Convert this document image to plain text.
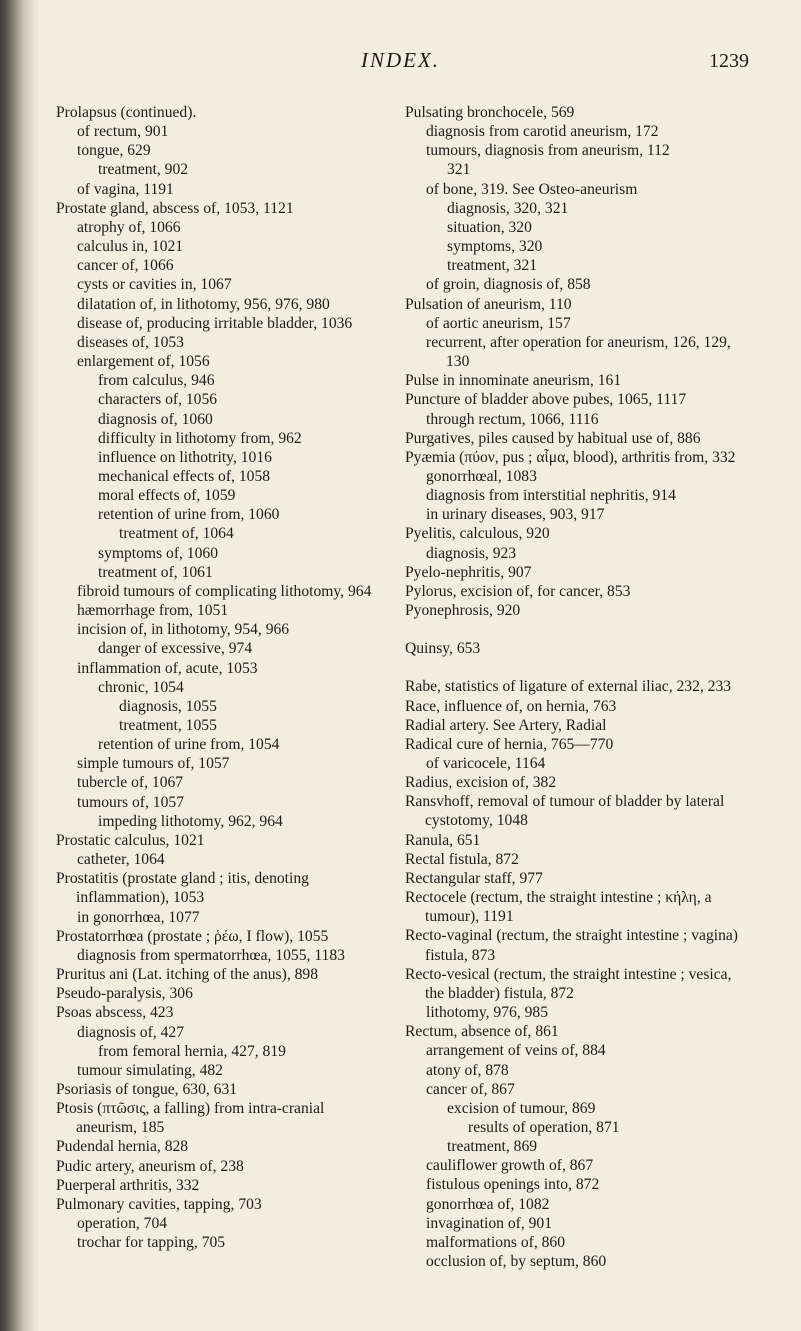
INDEX.	1239
Prolapsus (continued).
of rectum, 901
tongue, 629
treatment, 902
of vagina, 1191
Prostate gland, abscess of, 1053, 1121
atrophy of, 1066
calculus in, 1021
cancer of, 1066
cysts or cavities in, 1067
dilatation of, in lithotomy, 956, 976, 980
disease of, producing irritable bladder, 1036
diseases of, 1053
enlargement of, 1056
from calculus, 946
characters of, 1056
diagnosis of, 1060
difficulty in lithotomy from, 962
influence on lithotrity, 1016
mechanical effects of, 1058
moral effects of, 1059
retention of urine from, 1060
treatment of, 1064
symptoms of, 1060
treatment of, 1061
fibroid tumours of complicating lithotomy, 964
hæmorrhage from, 1051
incision of, in lithotomy, 954, 966
danger of excessive, 974
inflammation of, acute, 1053
chronic, 1054
diagnosis, 1055
treatment, 1055
retention of urine from, 1054
simple tumours of, 1057
tubercle of, 1067
tumours of, 1057
impeding lithotomy, 962, 964
Prostatic calculus, 1021
catheter, 1064
Prostatitis (prostate gland ; itis, denoting inflammation), 1053
in gonorrhœa, 1077
Prostatorrhœa (prostate ; ῥέω, I flow), 1055
diagnosis from spermatorrhœa, 1055, 1183
Pruritus ani (Lat. itching of the anus), 898
Pseudo-paralysis, 306
Psoas abscess, 423
diagnosis of, 427
from femoral hernia, 427, 819
tumour simulating, 482
Psoriasis of tongue, 630, 631
Ptosis (πτῶσις, a falling) from intra-cranial aneurism, 185
Pudendal hernia, 828
Pudic artery, aneurism of, 238
Puerperal arthritis, 332
Pulmonary cavities, tapping, 703
operation, 704
trochar for tapping, 705
Pulsating bronchocele, 569
diagnosis from carotid aneurism, 172
tumours, diagnosis from aneurism, 112
321
of bone, 319. See Osteo-aneurism
diagnosis, 320, 321
situation, 320
symptoms, 320
treatment, 321
of groin, diagnosis of, 858
Pulsation of aneurism, 110
of aortic aneurism, 157
recurrent, after operation for aneurism, 126, 129, 130
Pulse in innominate aneurism, 161
Puncture of bladder above pubes, 1065, 1117
through rectum, 1066, 1116
Purgatives, piles caused by habitual use of, 886
Pyæmia (πύον, pus ; αἷμα, blood), arthritis from, 332
gonorrhœal, 1083
diagnosis from interstitial nephritis, 914
in urinary diseases, 903, 917
Pyelitis, calculous, 920
diagnosis, 923
Pyelo-nephritis, 907
Pylorus, excision of, for cancer, 853
Pyonephrosis, 920
Quinsy, 653
Rabe, statistics of ligature of external iliac, 232, 233
Race, influence of, on hernia, 763
Radial artery. See Artery, Radial
Radical cure of hernia, 765—770
of varicocele, 1164
Radius, excision of, 382
Ransvhoff, removal of tumour of bladder by lateral cystotomy, 1048
Ranula, 651
Rectal fistula, 872
Rectangular staff, 977
Rectocele (rectum, the straight intestine ; κήλη, a tumour), 1191
Recto-vaginal (rectum, the straight intestine ; vagina) fistula, 873
Recto-vesical (rectum, the straight intestine ; vesica, the bladder) fistula, 872
lithotomy, 976, 985
Rectum, absence of, 861
arrangement of veins of, 884
atony of, 878
cancer of, 867
excision of tumour, 869
results of operation, 871
treatment, 869
cauliflower growth of, 867
fistulous openings into, 872
gonorrhœa of, 1082
invagination of, 901
malformations of, 860
occlusion of, by septum, 860
